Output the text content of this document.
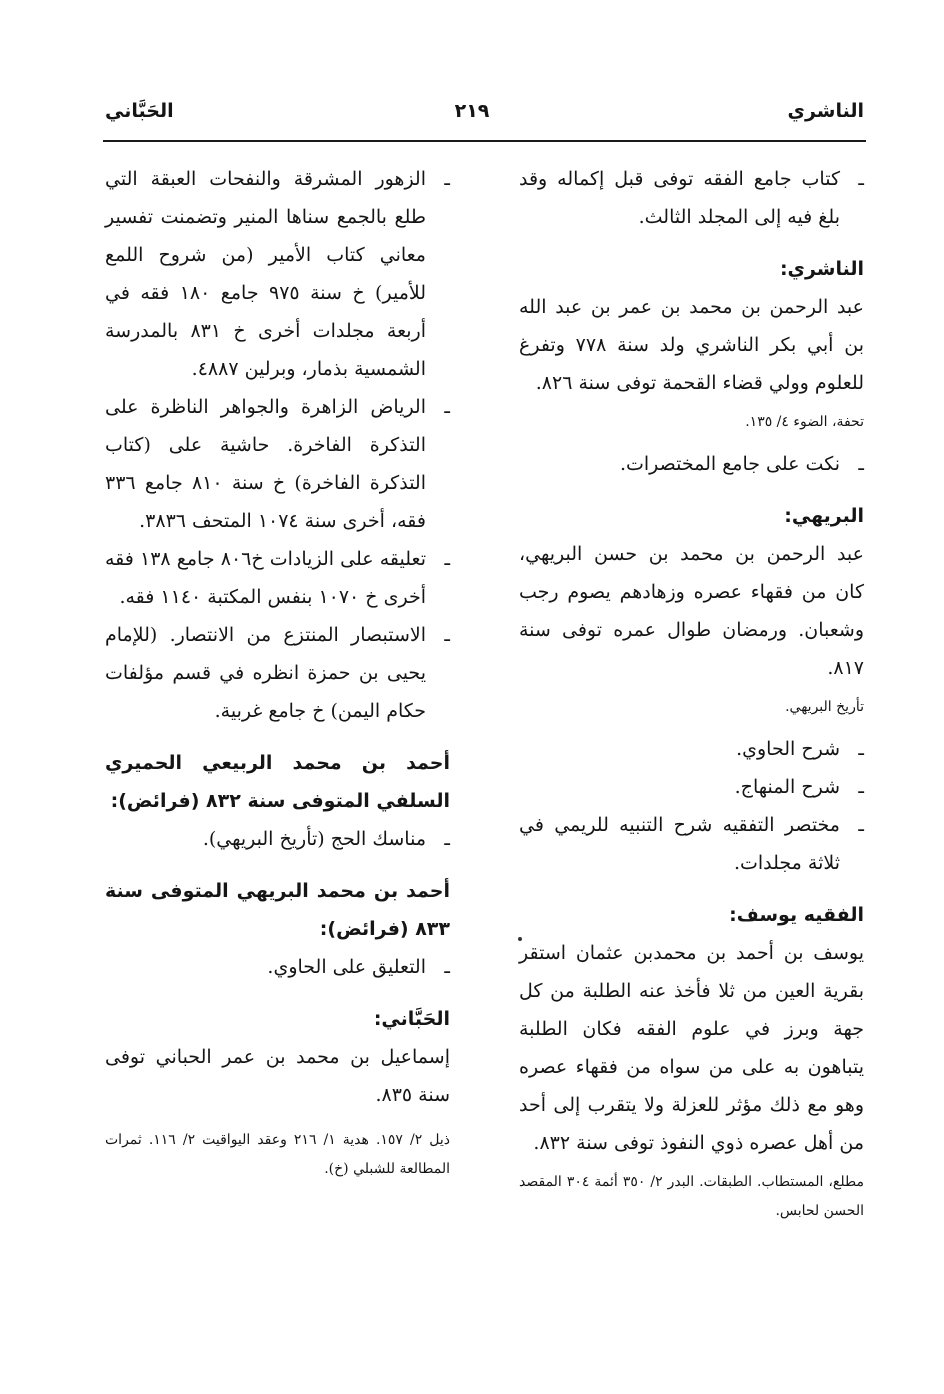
الناشري
٢١٩
الحَبَّاني

ـكتاب جامع الفقه توفى قبل إكماله وقد بلغ فيه إلى المجلد الثالث.

الناشري:

عبد الرحمن بن محمد بن عمر بن عبد الله بن أبي بكر الناشري ولد سنة ٧٧٨ وتفرغ للعلوم وولي قضاء القحمة توفى سنة ٨٢٦.

تحفة، الضوء ٤/ ١٣٥.

ـنكت على جامع المختصرات.

البريهي:

عبد الرحمن بن محمد بن حسن البريهي، كان من فقهاء عصره وزهادهم يصوم رجب وشعبان. ورمضان طوال عمره توفى سنة ٨١٧.

تأريخ البريهي.

ـشرح الحاوي.

ـشرح المنهاج.

ـمختصر التفقيه شرح التنبيه للريمي في ثلاثة مجلدات.

الفقيه يوسف:

يوسف بن أحمد بن محمدبن عثمان استقر بقرية العين من ثلا فأخذ عنه الطلبة من كل جهة وبرز في علوم الفقه فكان الطلبة يتباهون به على من سواه من فقهاء عصره وهو مع ذلك مؤثر للعزلة ولا يتقرب إلى أحد من أهل عصره ذوي النفوذ توفى سنة ٨٣٢.

مطلع، المستطاب. الطبقات. البدر ٢/ ٣٥٠ أئمة ٣٠٤ المقصد الحسن لحابس.

ـالزهور المشرقة والنفحات العبقة التي طلع بالجمع سناها المنير وتضمنت تفسير معاني كتاب الأمير (من شروح اللمع للأمير) خ سنة ٩٧٥ جامع ١٨٠ فقه في أربعة مجلدات أخرى خ ٨٣١ بالمدرسة الشمسية بذمار، وبرلين ٤٨٨٧.

ـالرياض الزاهرة والجواهر الناظرة على التذكرة الفاخرة. حاشية على (كتاب التذكرة الفاخرة) خ سنة ٨١٠ جامع ٣٣٦ فقه، أخرى سنة ١٠٧٤ المتحف ٣٨٣٦.

ـتعليقه على الزيادات خ٨٠٦ جامع ١٣٨ فقه أخرى خ ١٠٧٠ بنفس المكتبة ١١٤٠ فقه.

ـالاستبصار المنتزع من الانتصار. (للإمام يحيى بن حمزة انظره في قسم مؤلفات حكام اليمن) خ جامع غربية.

أحمد بن محمد الربيعي الحميري السلفي المتوفى سنة ٨٣٢ (فرائض):

ـمناسك الحج (تأريخ البريهي).

أحمد بن محمد البريهي المتوفى سنة ٨٣٣ (فرائض):

ـالتعليق على الحاوي.

الحَبَّاني:

إسماعيل بن محمد بن عمر الحباني توفى سنة ٨٣٥.

ذيل ٢/ ١٥٧. هدية ١/ ٢١٦ وعقد اليواقيت ٢/ ١١٦. ثمرات المطالعة للشبلي (خ).
